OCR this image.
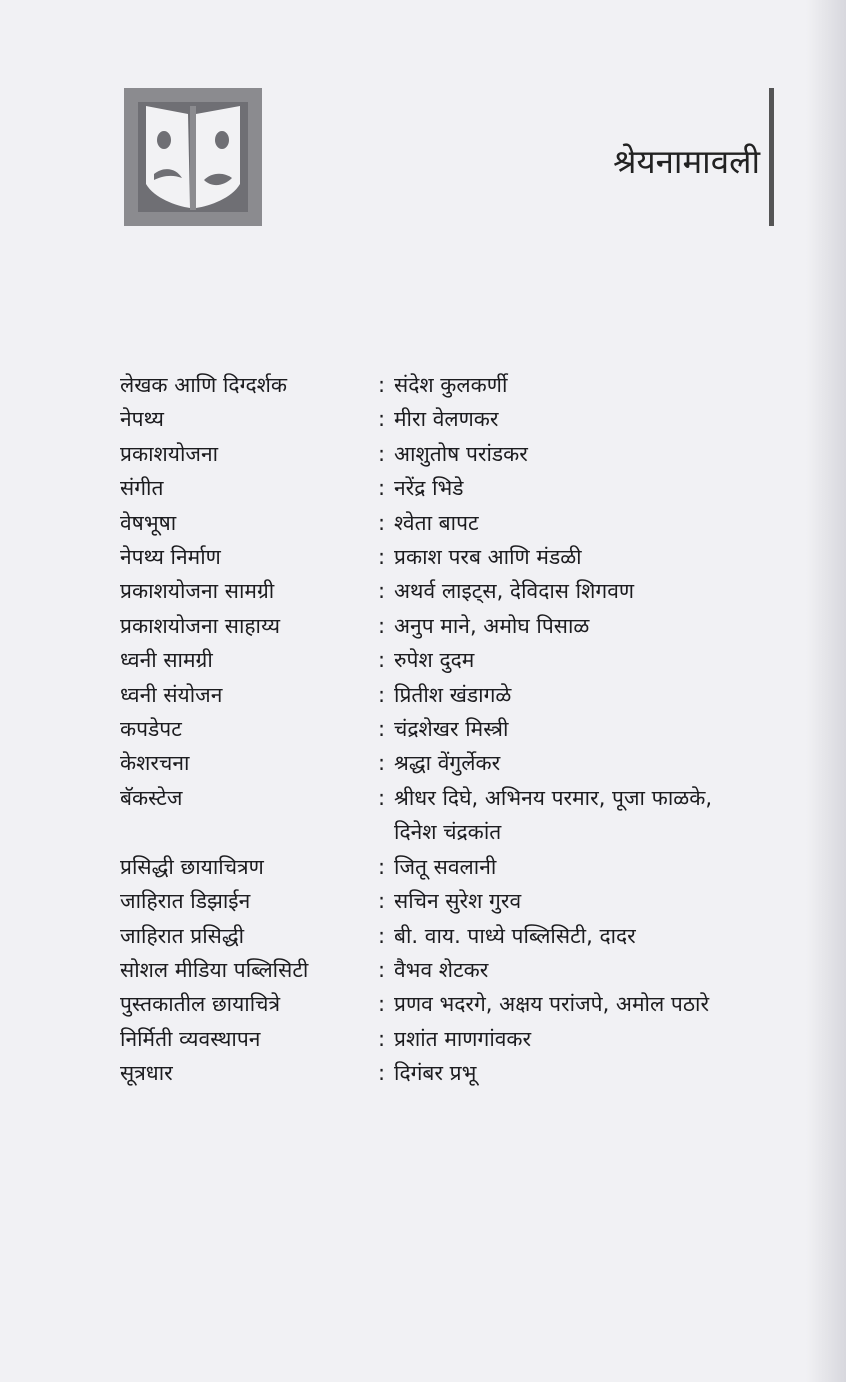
श्रेयनामावली
लेखक आणि दिग्दर्शक	: संदेश कुलकर्णी
नेपथ्य	: मीरा वेलणकर
प्रकाशयोजना	: आशुतोष परांडकर
संगीत	: नरेंद्र भिडे
वेषभूषा	: श्वेता बापट
नेपथ्य निर्माण	: प्रकाश परब आणि मंडळी
प्रकाशयोजना सामग्री	: अथर्व लाइट्स, देविदास शिगवण
प्रकाशयोजना साहाय्य	: अनुप माने, अमोघ पिसाळ
ध्वनी सामग्री	: रुपेश दुदम
ध्वनी संयोजन	: प्रितीश खंडागळे
कपडेपट	: चंद्रशेखर मिस्त्री
केशरचना	: श्रद्धा वेंगुर्लेकर
बॅकस्टेज	: श्रीधर दिघे, अभिनय परमार, पूजा फाळके,
दिनेश चंद्रकांत
प्रसिद्धी छायाचित्रण	: जितू सवलानी
जाहिरात डिझाईन	: सचिन सुरेश गुरव
जाहिरात प्रसिद्धी	: बी. वाय. पाध्ये पब्लिसिटी, दादर
सोशल मीडिया पब्लिसिटी	: वैभव शेटकर
पुस्तकातील छायाचित्रे	: प्रणव भदरगे, अक्षय परांजपे, अमोल पठारे
निर्मिती व्यवस्थापन	: प्रशांत माणगांवकर
सूत्रधार	: दिगंबर प्रभू
